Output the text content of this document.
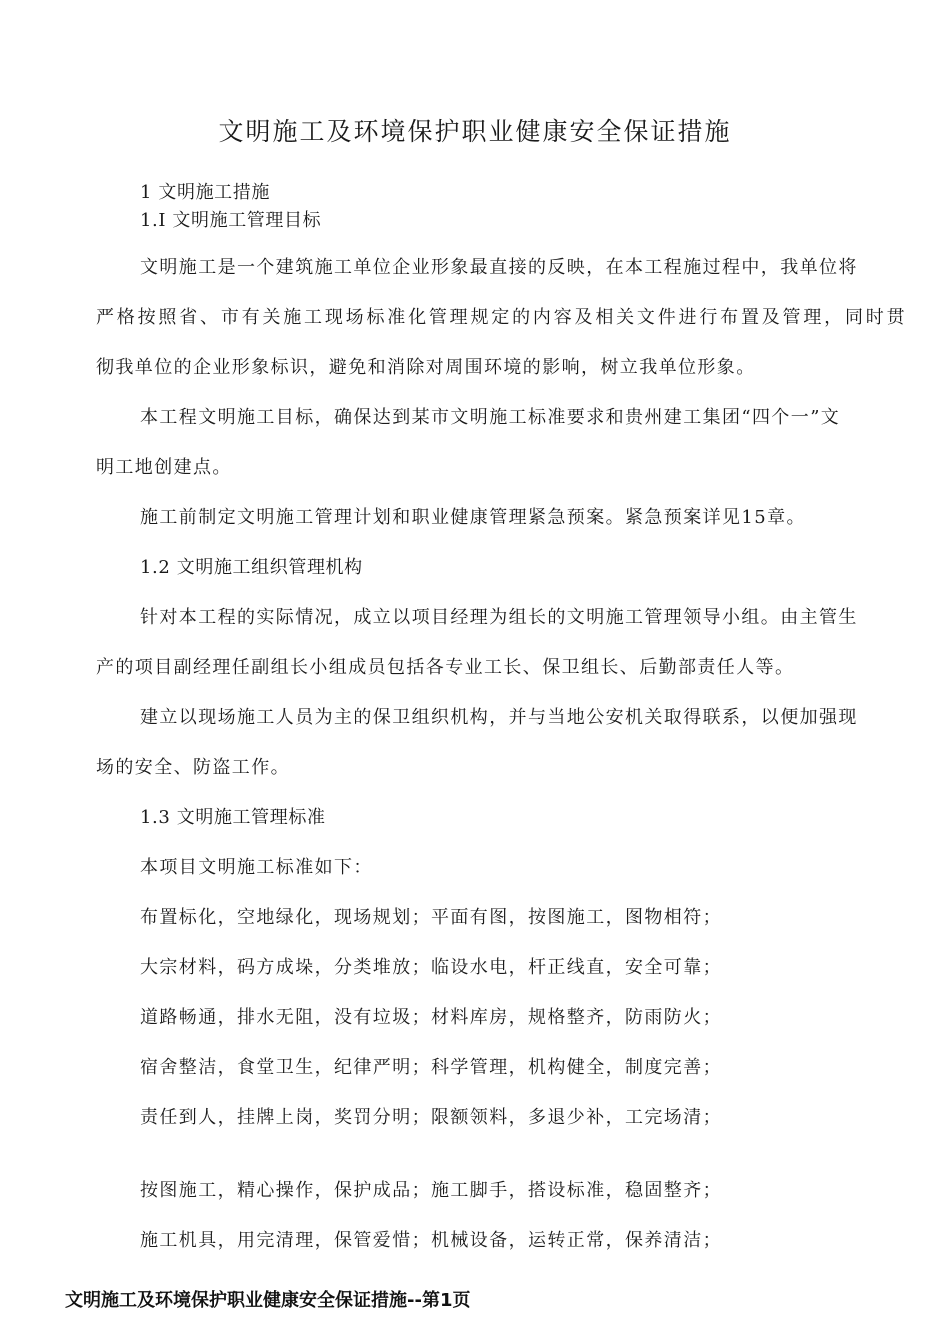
文明施工及环境保护职业健康安全保证措施
1 文明施工措施
1.I 文明施工管理目标
文明施工是一个建筑施工单位企业形象最直接的反映，在本工程施过程中，我单位将
严格按照省、市有关施工现场标准化管理规定的内容及相关文件进行布置及管理，同时贯
彻我单位的企业形象标识，避免和消除对周围环境的影响，树立我单位形象。
本工程文明施工目标，确保达到某市文明施工标准要求和贵州建工集团“四个一”文
明工地创建点。
施工前制定文明施工管理计划和职业健康管理紧急预案。紧急预案详见15章。
1.2 文明施工组织管理机构
针对本工程的实际情况，成立以项目经理为组长的文明施工管理领导小组。由主管生
产的项目副经理任副组长小组成员包括各专业工长、保卫组长、后勤部责任人等。
建立以现场施工人员为主的保卫组织机构，并与当地公安机关取得联系，以便加强现
场的安全、防盗工作。
1.3 文明施工管理标准
本项目文明施工标准如下：
布置标化，空地绿化，现场规划；平面有图，按图施工，图物相符；
大宗材料，码方成垛，分类堆放；临设水电，杆正线直，安全可靠；
道路畅通，排水无阻，没有垃圾；材料库房，规格整齐，防雨防火；
宿舍整洁，食堂卫生，纪律严明；科学管理，机构健全，制度完善；
责任到人，挂牌上岗，奖罚分明；限额领料，多退少补，工完场清；
按图施工，精心操作，保护成品；施工脚手，搭设标准，稳固整齐；
施工机具，用完清理，保管爱惜；机械设备，运转正常，保养清洁；
文明施工及环境保护职业健康安全保证措施--第1页
